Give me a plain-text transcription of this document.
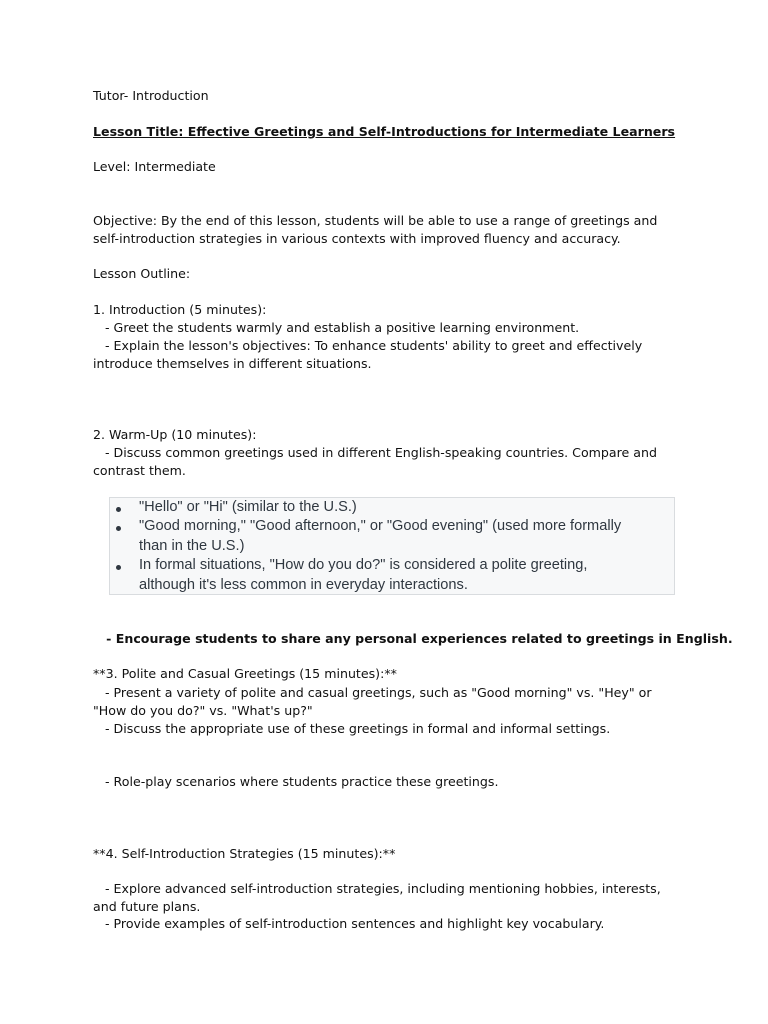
Tutor- Introduction

Lesson Title: Effective Greetings and Self-Introductions for Intermediate Learners

Level: Intermediate

Objective: By the end of this lesson, students will be able to use a range of greetings and

self-introduction strategies in various contexts with improved fluency and accuracy.

Lesson Outline:

1. Introduction (5 minutes):

- Greet the students warmly and establish a positive learning environment.

- Explain the lesson's objectives: To enhance students' ability to greet and effectively

introduce themselves in different situations.

2. Warm-Up (10 minutes):

- Discuss common greetings used in different English-speaking countries. Compare and

contrast them.

"Hello" or "Hi" (similar to the U.S.)
"Good morning," "Good afternoon," or "Good evening" (used more formally
than in the U.S.)
In formal situations, "How do you do?" is considered a polite greeting,
although it's less common in everyday interactions.

- Encourage students to share any personal experiences related to greetings in English.

**3. Polite and Casual Greetings (15 minutes):**

- Present a variety of polite and casual greetings, such as "Good morning" vs. "Hey" or

"How do you do?" vs. "What's up?"

- Discuss the appropriate use of these greetings in formal and informal settings.

- Role-play scenarios where students practice these greetings.

**4. Self-Introduction Strategies (15 minutes):**

- Explore advanced self-introduction strategies, including mentioning hobbies, interests,

and future plans.

- Provide examples of self-introduction sentences and highlight key vocabulary.
